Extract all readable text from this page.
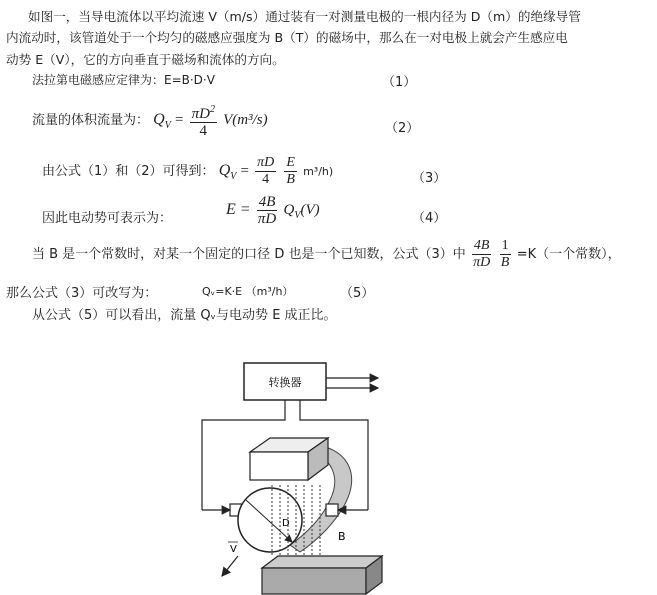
如图一，当导电流体以平均流速 V（m/s）通过装有一对测量电极的一根内径为 D（m）的绝缘导管
内流动时，该管道处于一个均匀的磁感应强度为 B（T）的磁场中，那么在一对电极上就会产生感应电
动势 E（V），它的方向垂直于磁场和流体的方向。
法拉第电磁感应定律为：E=B·D·V	（1）
流量的体积流量为： $Q_V = \frac{\pi D^2}{4} V(m^3/s)$
（2）
由公式（1）和（2）可得到： $Q_V = \frac{\pi D}{4}$
$\frac{E}{B} m^3/h$)	（3）
因此电动势可表示为：
$E = \frac{4B}{\pi D} Q_V(V)$
（4）
当 B 是一个常数时，对某一个固定的口径 D 也是一个已知数，公式（3）中 $\frac{4B}{\pi D}$
$\frac{1}{B} =K$（一个常数），
那么公式（3）可改写为：	Qᵥ=K·E （m³/h）	（5）
从公式（5）可以看出，流量 Qᵥ与电动势 E 成正比。
转换器
D
B
V
